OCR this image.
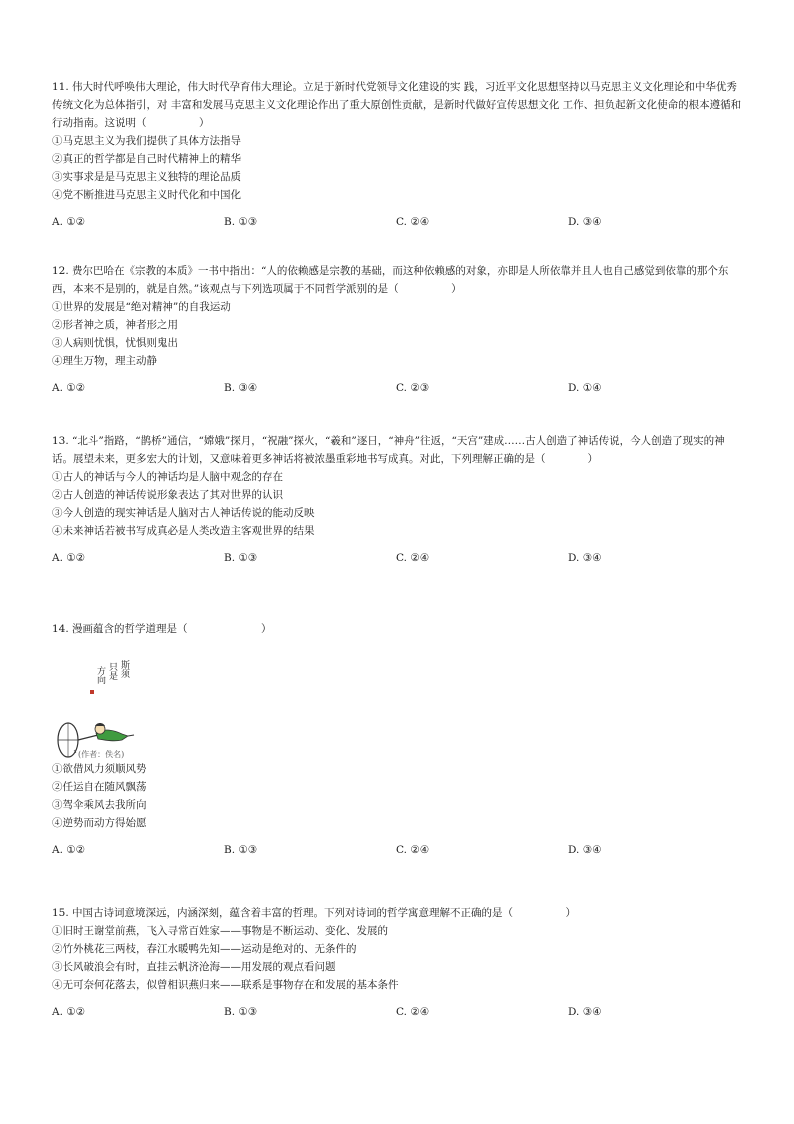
11. 伟大时代呼唤伟大理论，伟大时代孕育伟大理论。立足于新时代党领导文化建设的实 践，习近平文化思想坚持以马克思主义文化理论和中华优秀传统文化为总体指引，对 丰富和发展马克思主义文化理论作出了重大原创性贡献，是新时代做好宣传思想文化 工作、担负起新文化使命的根本遵循和行动指南。这说明（　　　　　）

①马克思主义为我们提供了具体方法指导

②真正的哲学都是自己时代精神上的精华

③实事求是是马克思主义独特的理论品质

④党不断推进马克思主义时代化和中国化

A. ①②	B. ①③	C. ②④	D. ③④

12. 费尔巴哈在《宗教的本质》一书中指出：“人的依赖感是宗教的基础，而这种依赖感的对象，亦即是人所依靠并且人也自己感觉到依靠的那个东西，本来不是别的，就是自然。”该观点与下列选项属于不同哲学派别的是（　　　　　）

①世界的发展是“绝对精神”的自我运动

②形者神之质，神者形之用

③人病则忧惧，忧惧则鬼出

④理生万物，理主动静

A. ①②	B. ③④	C. ②③	D. ①④

13. “北斗”指路，“鹊桥”通信，“嫦娥”探月，“祝融”探火，“羲和”逐日，“神舟”往返，“天宫”建成……古人创造了神话传说，今人创造了现实的神话。展望未来，更多宏大的计划，又意味着更多神话将被浓墨重彩地书写成真。对此，下列理解正确的是（　　　　）

①古人的神话与今人的神话均是人脑中观念的存在

②古人创造的神话传说形象表达了其对世界的认识

③今人创造的现实神话是人脑对古人神话传说的能动反映

④未来神话若被书写成真必是人类改造主客观世界的结果

A. ①②	B. ①③	C. ②④	D. ③④

14. 漫画蕴含的哲学道理是（　　　　　　　）

斯须
只是
方向
(作者：佚名)

①欲借风力须顺风势

②任运自在随风飘荡

③驾伞乘风去我所向

④逆势而动方得始愿

A. ①②	B. ①③	C. ②④	D. ③④

15. 中国古诗词意境深远，内涵深刻，蕴含着丰富的哲理。下列对诗词的哲学寓意理解不正确的是（　　　　　）

①旧时王谢堂前燕，飞入寻常百姓家——事物是不断运动、变化、发展的

②竹外桃花三两枝，春江水暖鸭先知——运动是绝对的、无条件的

③长风破浪会有时，直挂云帆济沧海——用发展的观点看问题

④无可奈何花落去，似曾相识燕归来——联系是事物存在和发展的基本条件

A. ①②	B. ①③	C. ②④	D. ③④
